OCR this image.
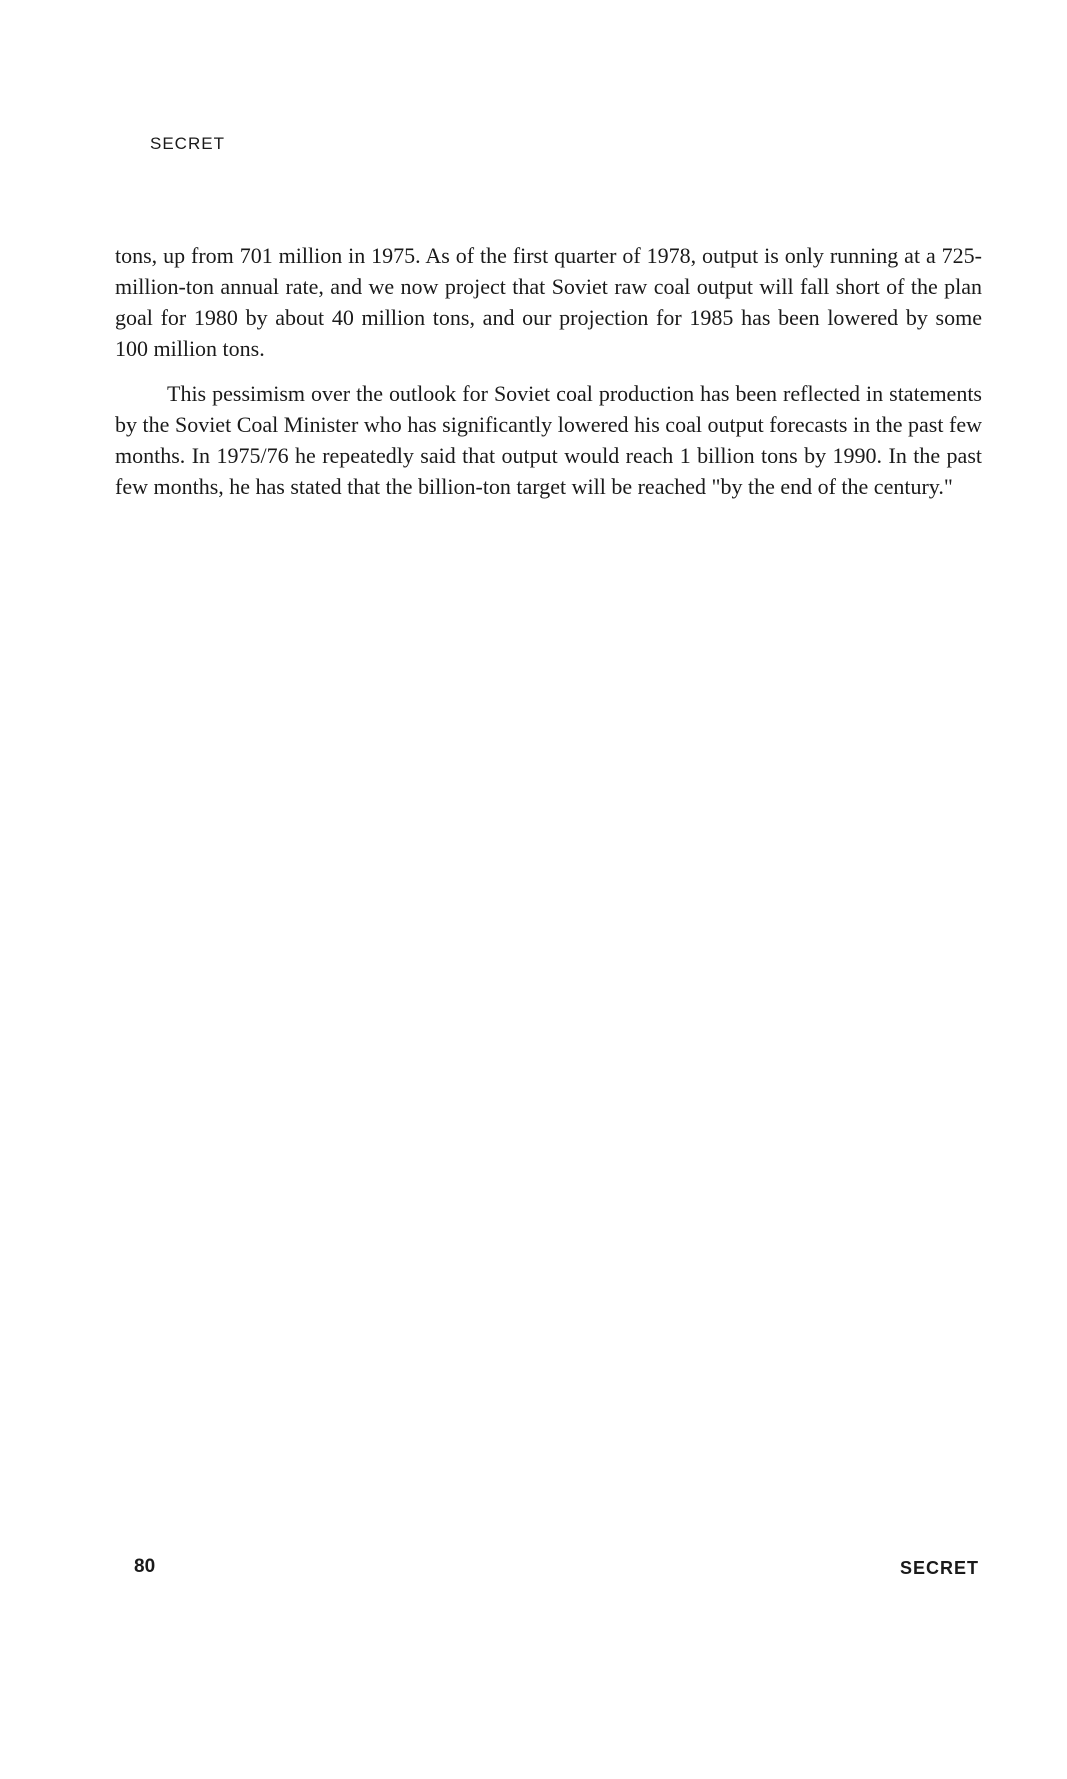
SECRET

tons, up from 701 million in 1975. As of the first quarter of 1978, output is only running at a 725-million-ton annual rate, and we now project that Soviet raw coal output will fall short of the plan goal for 1980 by about 40 million tons, and our projection for 1985 has been lowered by some 100 million tons.

This pessimism over the outlook for Soviet coal production has been reflected in statements by the Soviet Coal Minister who has significantly lowered his coal output forecasts in the past few months. In 1975/76 he repeatedly said that output would reach 1 billion tons by 1990. In the past few months, he has stated that the billion-ton target will be reached "by the end of the century."

80	SECRET
